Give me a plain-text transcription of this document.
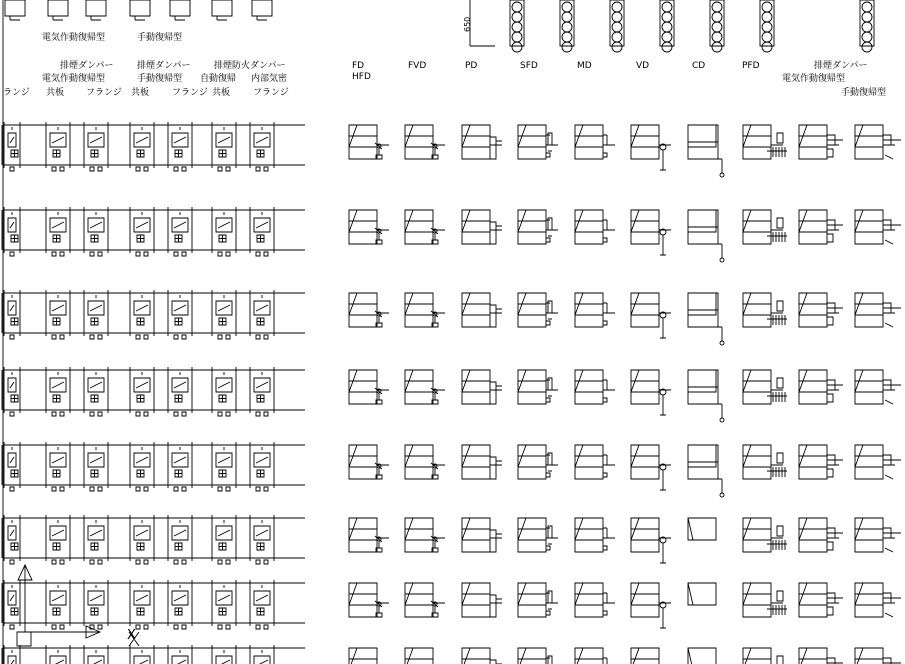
電気作動復帰型	手動復帰型
650
排煙ダンパー
電気作動復帰型
排煙ダンパー
手動復帰型
排煙防火ダンパー
自動復帰 内部気密
ランジ 共板 フランジ 共板	フランジ 共板	フランジ
FD
HFD
FVD	PD	SFD	MD	VD	CD	PFD	排煙ダンパー
電気作動復帰型
手動復帰型
X
